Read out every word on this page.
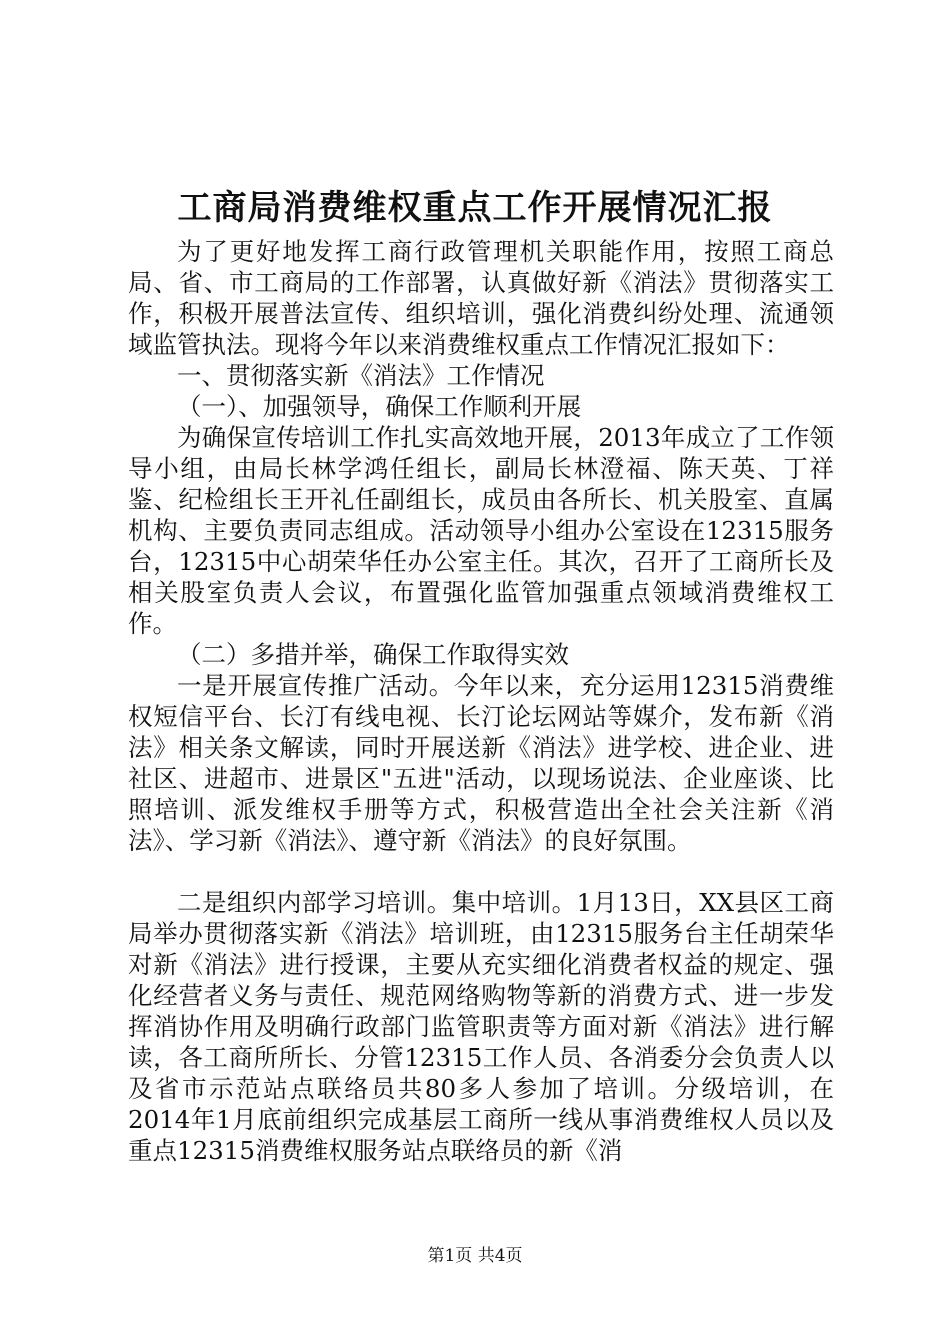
工商局消费维权重点工作开展情况汇报

为了更好地发挥工商行政管理机关职能作用，按照工商总局、省、市工商局的工作部署，认真做好新《消法》贯彻落实工作，积极开展普法宣传、组织培训，强化消费纠纷处理、流通领域监管执法。现将今年以来消费维权重点工作情况汇报如下：

一、贯彻落实新《消法》工作情况

（一）、加强领导，确保工作顺利开展

为确保宣传培训工作扎实高效地开展，2013年成立了工作领导小组，由局长林学鸿任组长，副局长林澄福、陈天英、丁祥鉴、纪检组长王开礼任副组长，成员由各所长、机关股室、直属机构、主要负责同志组成。活动领导小组办公室设在12315服务台，12315中心胡荣华任办公室主任。其次，召开了工商所长及相关股室负责人会议，布置强化监管加强重点领域消费维权工作。

（二）多措并举，确保工作取得实效

一是开展宣传推广活动。今年以来，充分运用12315消费维权短信平台、长汀有线电视、长汀论坛网站等媒介，发布新《消法》相关条文解读，同时开展送新《消法》进学校、进企业、进社区、进超市、进景区"五进"活动，以现场说法、企业座谈、比照培训、派发维权手册等方式，积极营造出全社会关注新《消法》、学习新《消法》、遵守新《消法》的良好氛围。

二是组织内部学习培训。集中培训。1月13日，XX县区工商局举办贯彻落实新《消法》培训班，由12315服务台主任胡荣华对新《消法》进行授课，主要从充实细化消费者权益的规定、强化经营者义务与责任、规范网络购物等新的消费方式、进一步发挥消协作用及明确行政部门监管职责等方面对新《消法》进行解读，各工商所所长、分管12315工作人员、各消委分会负责人以及省市示范站点联络员共80多人参加了培训。分级培训，在2014年1月底前组织完成基层工商所一线从事消费维权人员以及重点12315消费维权服务站点联络员的新《消

第1页 共4页
